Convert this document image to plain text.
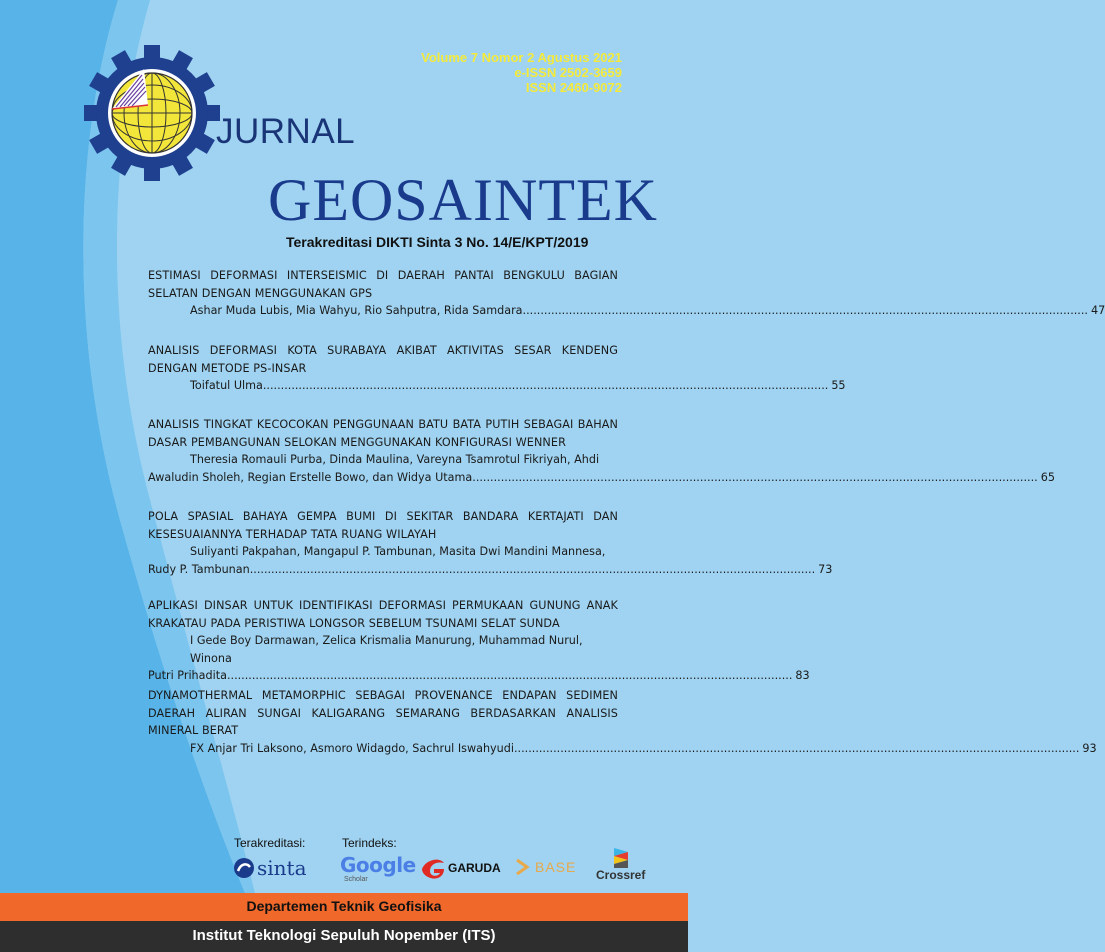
Volume 7 Nomor 2 Agustus 2021
e-ISSN 2502-3659
ISSN 2460-9072
JURNAL
GEOSAINTEK
Terakreditasi DIKTI Sinta 3 No. 14/E/KPT/2019
ESTIMASI DEFORMASI INTERSEISMIC DI DAERAH PANTAI BENGKULU BAGIAN SELATAN DENGAN MENGGUNAKAN GPS
Ashar Muda Lubis, Mia Wahyu, Rio Sahputra, Rida Samdara ............................................................................................................................................................... 47
ANALISIS DEFORMASI KOTA SURABAYA AKIBAT AKTIVITAS SESAR KENDENG DENGAN METODE PS-INSAR
Toifatul Ulma ............................................................................................................................................................... 55
ANALISIS TINGKAT KECOCOKAN PENGGUNAAN BATU BATA PUTIH SEBAGAI BAHAN DASAR PEMBANGUNAN SELOKAN MENGGUNAKAN KONFIGURASI WENNER
Theresia Romauli Purba, Dinda Maulina, Vareyna Tsamrotul Fikriyah, Ahdi
Awaludin Sholeh, Regian Erstelle Bowo, dan Widya Utama ............................................................................................................................................................... 65
POLA SPASIAL BAHAYA GEMPA BUMI DI SEKITAR BANDARA KERTAJATI DAN KESESUAIANNYA TERHADAP TATA RUANG WILAYAH
Suliyanti Pakpahan, Mangapul P. Tambunan, Masita Dwi Mandini Mannesa,
Rudy P. Tambunan ............................................................................................................................................................... 73
APLIKASI DINSAR UNTUK IDENTIFIKASI DEFORMASI PERMUKAAN GUNUNG ANAK KRAKATAU PADA PERISTIWA LONGSOR SEBELUM TSUNAMI SELAT SUNDA
I Gede Boy Darmawan, Zelica Krismalia Manurung, Muhammad Nurul, Winona
Putri Prihadita ............................................................................................................................................................... 83
DYNAMOTHERMAL METAMORPHIC SEBAGAI PROVENANCE ENDAPAN SEDIMEN DAERAH ALIRAN SUNGAI KALIGARANG SEMARANG BERDASARKAN ANALISIS MINERAL BERAT
FX Anjar Tri Laksono, Asmoro Widagdo, Sachrul Iswahyudi ............................................................................................................................................................... 93
Terakreditasi:	Terindeks:
sinta Google
Scholar
GARUDA BASE Crossref
Departemen Teknik Geofisika
Institut Teknologi Sepuluh Nopember (ITS)
